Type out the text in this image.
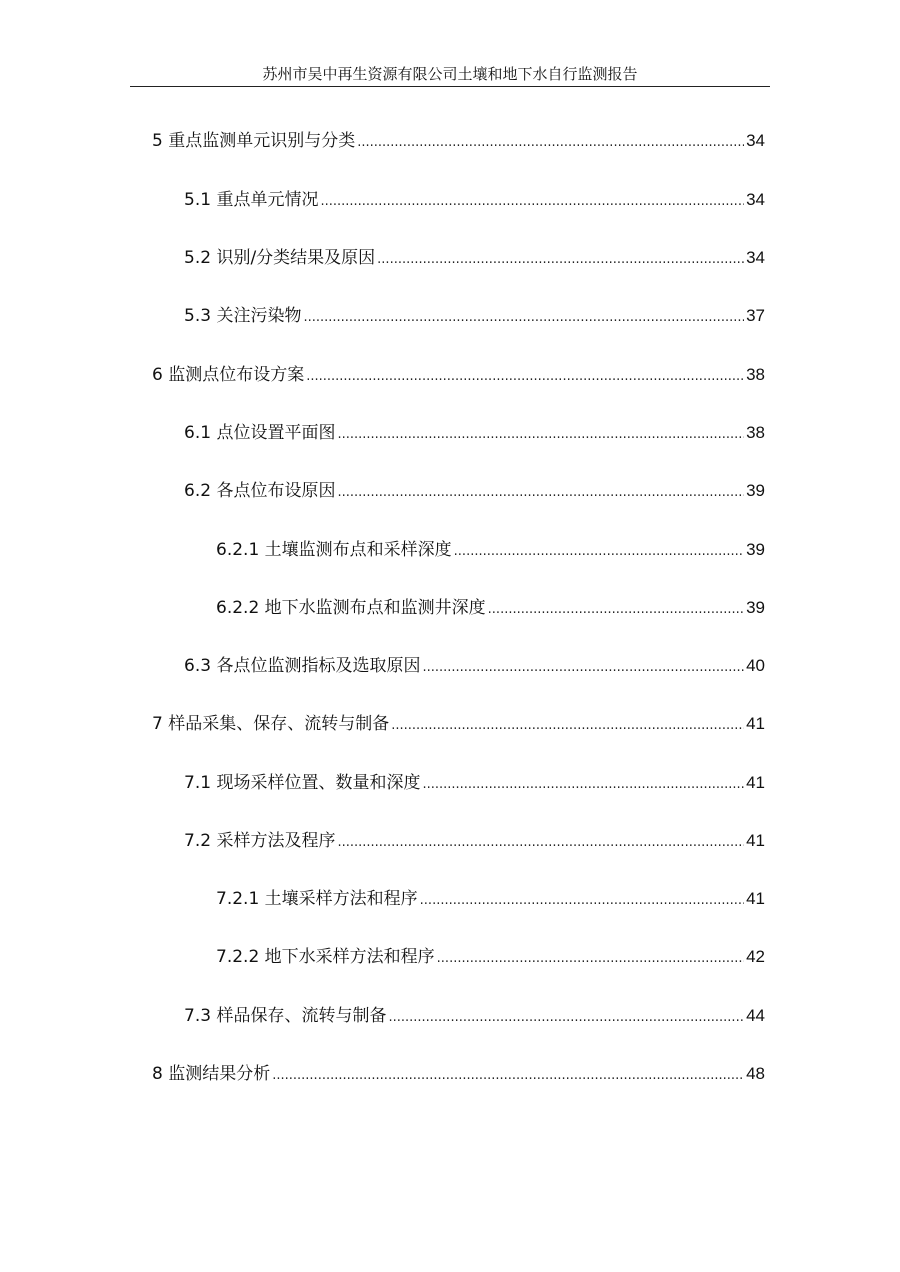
苏州市吴中再生资源有限公司土壤和地下水自行监测报告
5 重点监测单元识别与分类 .....	34
5.1 重点单元情况 .....	34
5.2 识别/分类结果及原因 .....	34
5.3 关注污染物 .....	37
6 监测点位布设方案 .....	38
6.1 点位设置平面图 .....	38
6.2 各点位布设原因 .....	39
6.2.1 土壤监测布点和采样深度 .....	39
6.2.2 地下水监测布点和监测井深度 .....	39
6.3 各点位监测指标及选取原因 .....	40
7 样品采集、保存、流转与制备 .....	41
7.1 现场采样位置、数量和深度 .....	41
7.2 采样方法及程序 .....	41
7.2.1 土壤采样方法和程序 .....	41
7.2.2 地下水采样方法和程序 .....	42
7.3 样品保存、流转与制备 .....	44
8 监测结果分析 .....	48
